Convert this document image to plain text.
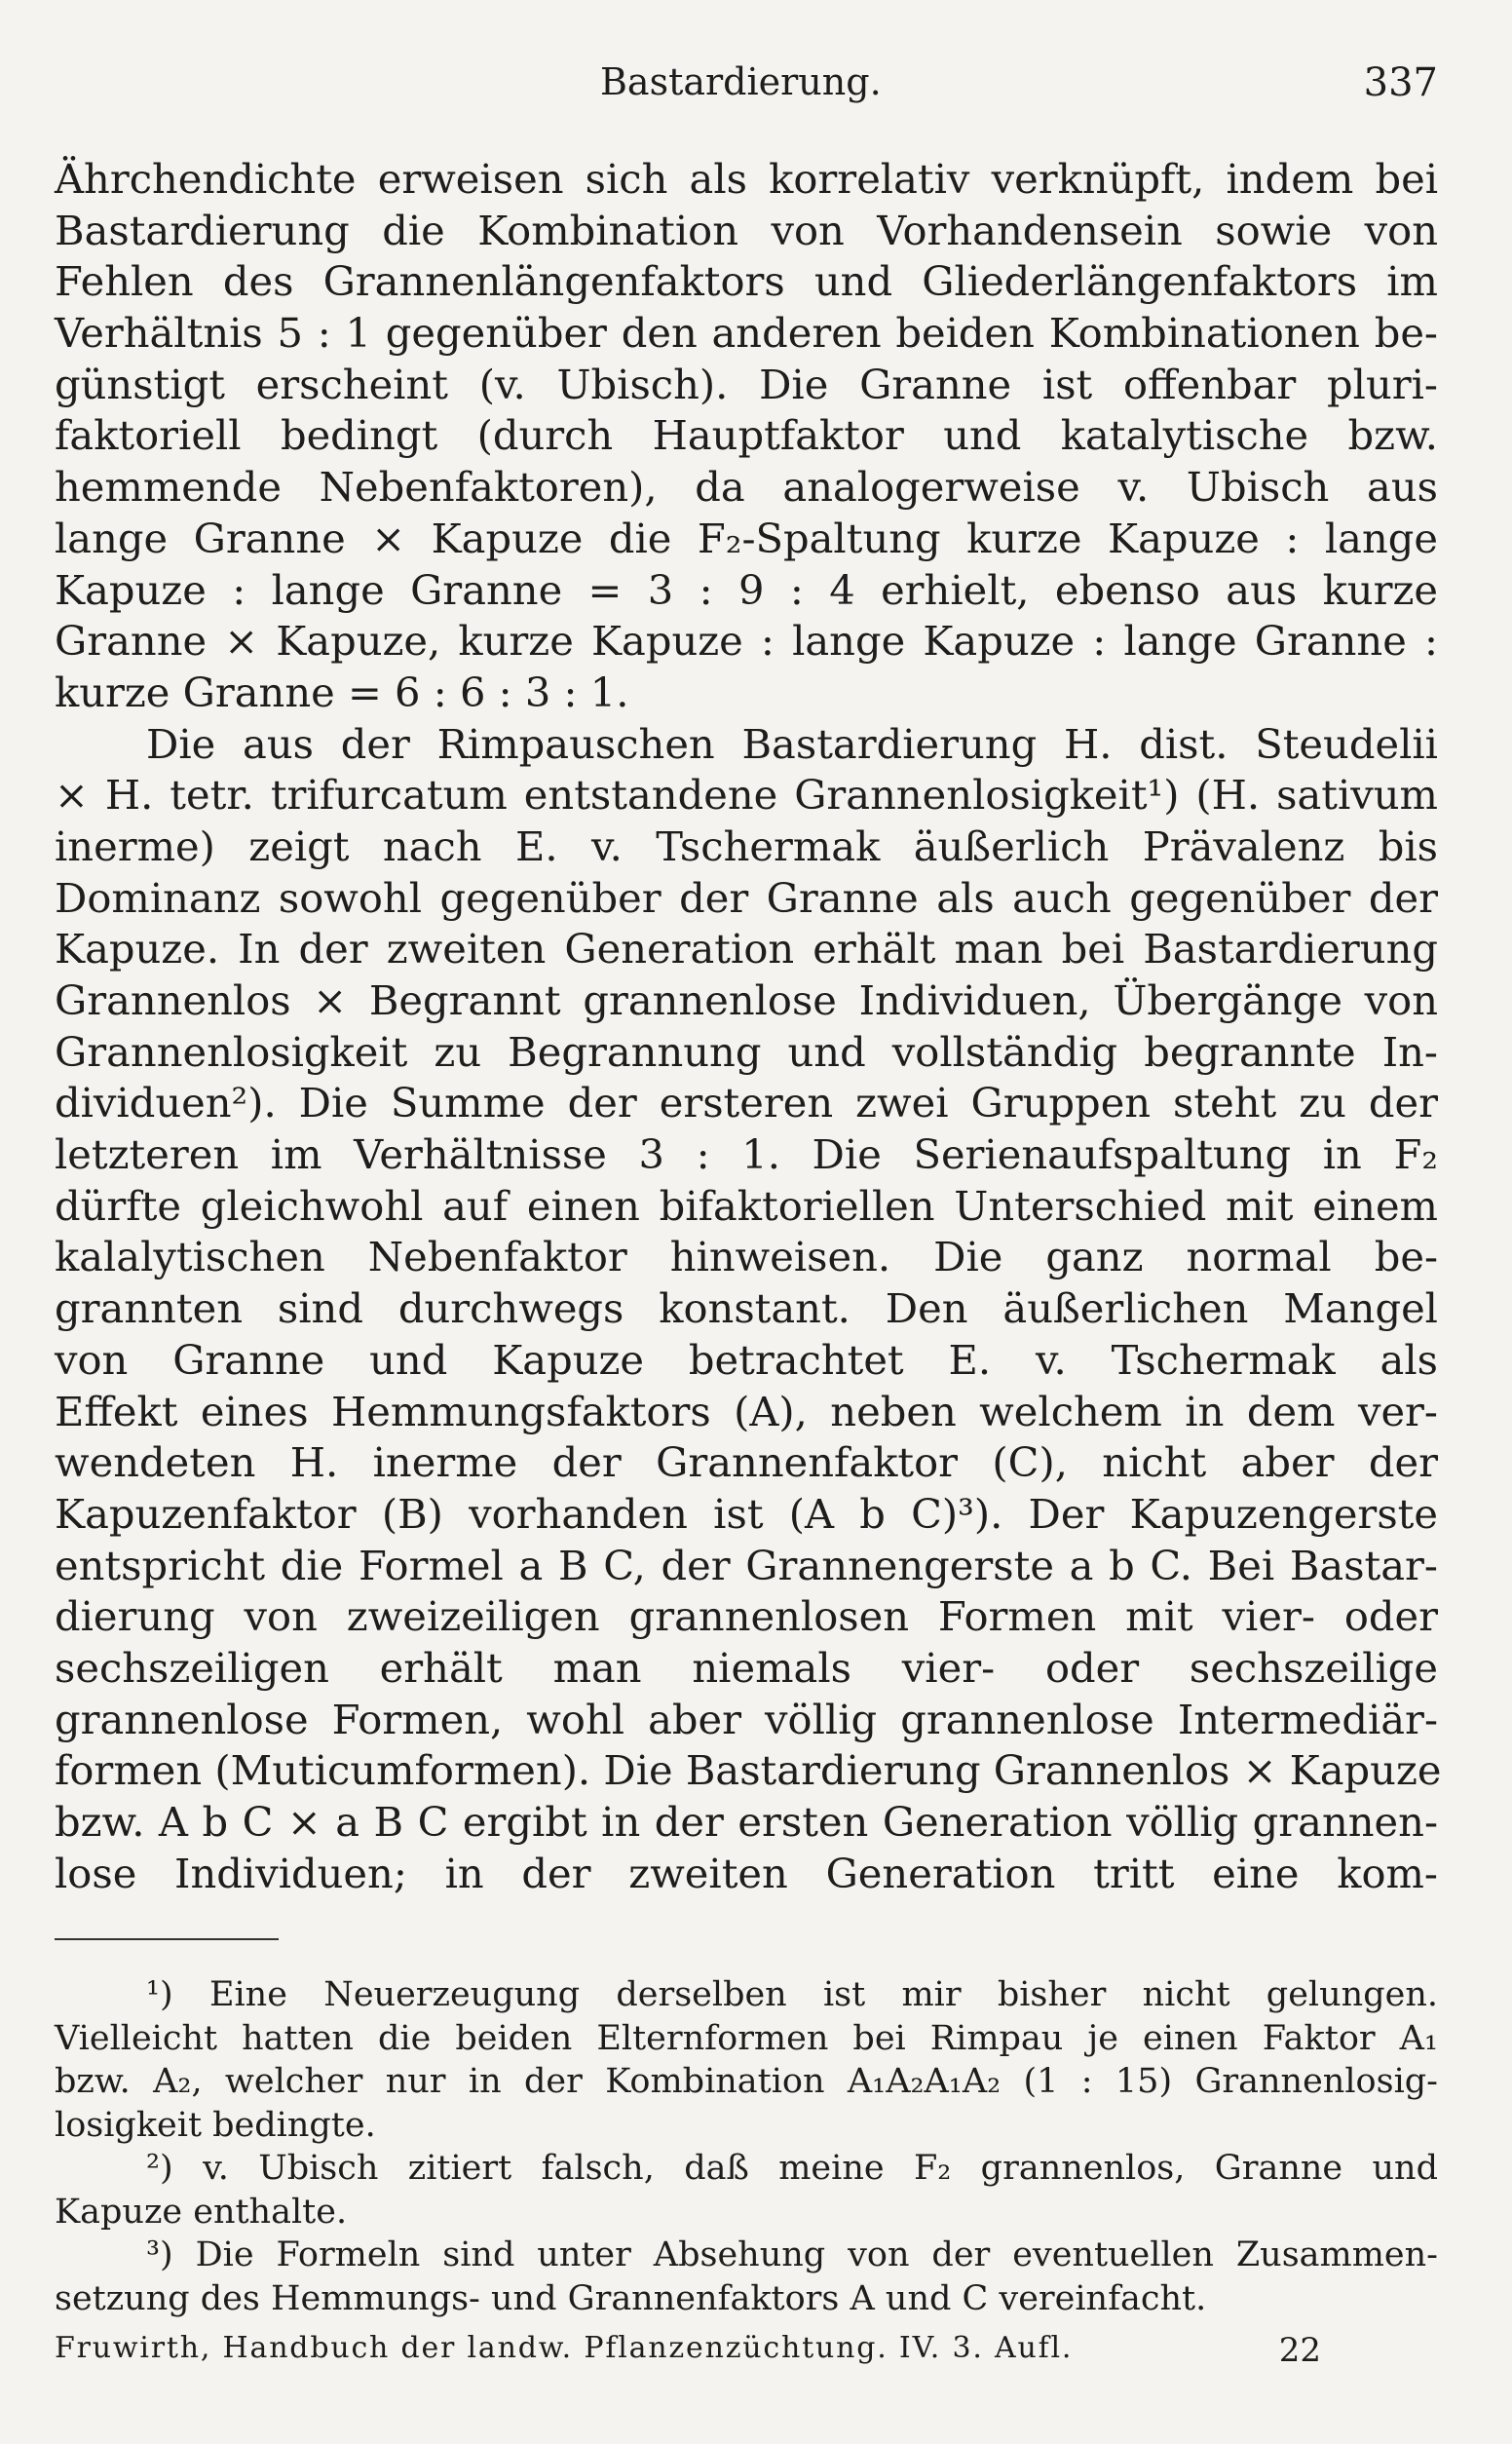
Bastardierung.	337
Ährchendichte erweisen sich als korrelativ verknüpft, indem bei
Bastardierung die Kombination von Vorhandensein sowie von
Fehlen des Grannenlängenfaktors und Gliederlängenfaktors im
Verhältnis 5 : 1 gegenüber den anderen beiden Kombinationen be-
günstigt erscheint (v. Ubisch). Die Granne ist offenbar pluri-
faktoriell bedingt (durch Hauptfaktor und katalytische bzw.
hemmende Nebenfaktoren), da analogerweise v. Ubisch aus
lange Granne × Kapuze die F₂-Spaltung kurze Kapuze : lange
Kapuze : lange Granne = 3 : 9 : 4 erhielt, ebenso aus kurze
Granne × Kapuze, kurze Kapuze : lange Kapuze : lange Granne :
kurze Granne = 6 : 6 : 3 : 1.
Die aus der Rimpauschen Bastardierung H. dist. Steudelii
× H. tetr. trifurcatum entstandene Grannenlosigkeit¹) (H. sativum
inerme) zeigt nach E. v. Tschermak äußerlich Prävalenz bis
Dominanz sowohl gegenüber der Granne als auch gegenüber der
Kapuze. In der zweiten Generation erhält man bei Bastardierung
Grannenlos × Begrannt grannenlose Individuen, Übergänge von
Grannenlosigkeit zu Begrannung und vollständig begrannte In-
dividuen²). Die Summe der ersteren zwei Gruppen steht zu der
letzteren im Verhältnisse 3 : 1. Die Serienaufspaltung in F₂
dürfte gleichwohl auf einen bifaktoriellen Unterschied mit einem
kalalytischen Nebenfaktor hinweisen. Die ganz normal be-
grannten sind durchwegs konstant. Den äußerlichen Mangel
von Granne und Kapuze betrachtet E. v. Tschermak als
Effekt eines Hemmungsfaktors (A), neben welchem in dem ver-
wendeten H. inerme der Grannenfaktor (C), nicht aber der
Kapuzenfaktor (B) vorhanden ist (A b C)³). Der Kapuzengerste
entspricht die Formel a B C, der Grannengerste a b C. Bei Bastar-
dierung von zweizeiligen grannenlosen Formen mit vier- oder
sechszeiligen erhält man niemals vier- oder sechszeilige
grannenlose Formen, wohl aber völlig grannenlose Intermediär-
formen (Muticumformen). Die Bastardierung Grannenlos × Kapuze
bzw. A b C × a B C ergibt in der ersten Generation völlig grannen-
lose Individuen; in der zweiten Generation tritt eine kom-
¹) Eine Neuerzeugung derselben ist mir bisher nicht gelungen.
Vielleicht hatten die beiden Elternformen bei Rimpau je einen Faktor A₁
bzw. A₂, welcher nur in der Kombination A₁A₂A₁A₂ (1 : 15) Grannenlosig-
losigkeit bedingte.
²) v. Ubisch zitiert falsch, daß meine F₂ grannenlos, Granne und
Kapuze enthalte.
³) Die Formeln sind unter Absehung von der eventuellen Zusammen-
setzung des Hemmungs- und Grannenfaktors A und C vereinfacht.
Fruwirth, Handbuch der landw. Pflanzenzüchtung. IV. 3. Aufl.	22
